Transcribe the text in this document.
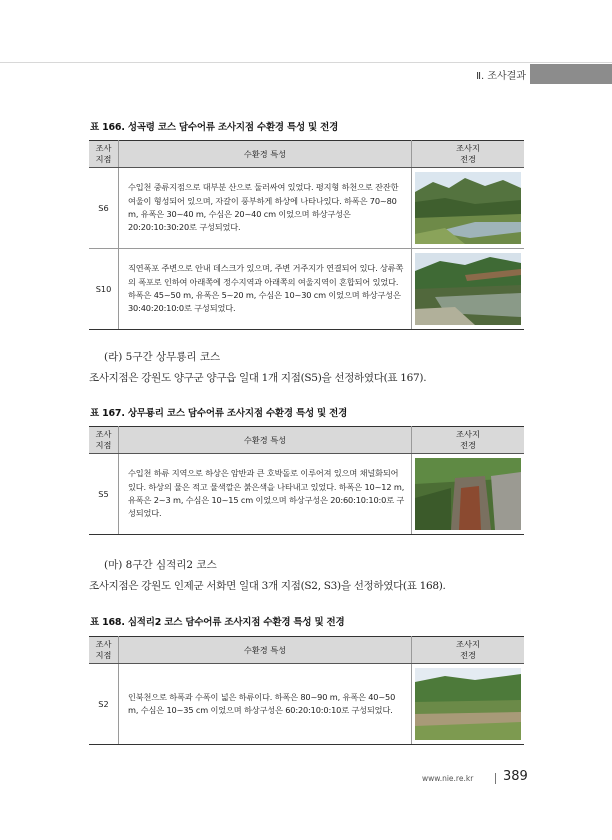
Ⅱ. 조사결과
표 166. 성곡령 코스 담수어류 조사지점 수환경 특성 및 전경
조사
지점	수환경 특성	조사지
전경
S6	수입천 중류지점으로 대부분 산으로 둘러싸여 있었다. 평지형 하천으로 잔잔한 여울이 형성되어 있으며, 자갈이 풍부하게 하상에 나타나있다. 하폭은 70~80 m, 유폭은 30~40 m, 수심은 20~40 cm 이었으며 하상구성은 20:20:10:30:20로 구성되었다.	

S10	직연폭포 주변으로 안내 데스크가 있으며, 주변 거주지가 연결되어 있다. 상류쪽의 폭포로 인하여 아래쪽에 정수지역과 아래쪽의 여울지역이 혼합되어 있었다. 하폭은 45~50 m, 유폭은 5~20 m, 수심은 10~30 cm 이었으며 하상구성은 30:40:20:10:0로 구성되었다.	
(라) 5구간 상무룡리 코스
조사지점은 강원도 양구군 양구읍 일대 1개 지점(S5)을 선정하였다(표 167).
표 167. 상무룡리 코스 담수어류 조사지점 수환경 특성 및 전경
조사
지점	수환경 특성	조사지
전경
S5	수입천 하류 지역으로 하상은 암반과 큰 호박돌로 이루어져 있으며 채널화되어 있다. 하상의 물은 적고 물색깔은 붉은색을 나타내고 있었다. 하폭은 10~12 m, 유폭은 2~3 m, 수심은 10~15 cm 이었으며 하상구성은 20:60:10:10:0로 구성되었다.	
(마) 8구간 심적리2 코스
조사지점은 강원도 인제군 서화면 일대 3개 지점(S2, S3)을 선정하였다(표 168).
표 168. 심적리2 코스 담수어류 조사지점 수환경 특성 및 전경
조사
지점	수환경 특성	조사지
전경
S2	인북천으로 하폭과 수폭이 넓은 하류이다. 하폭은 80~90 m, 유폭은 40~50 m, 수심은 10~35 cm 이었으며 하상구성은 60:20:10:0:10로 구성되었다.	
www.nie.re.kr 389
